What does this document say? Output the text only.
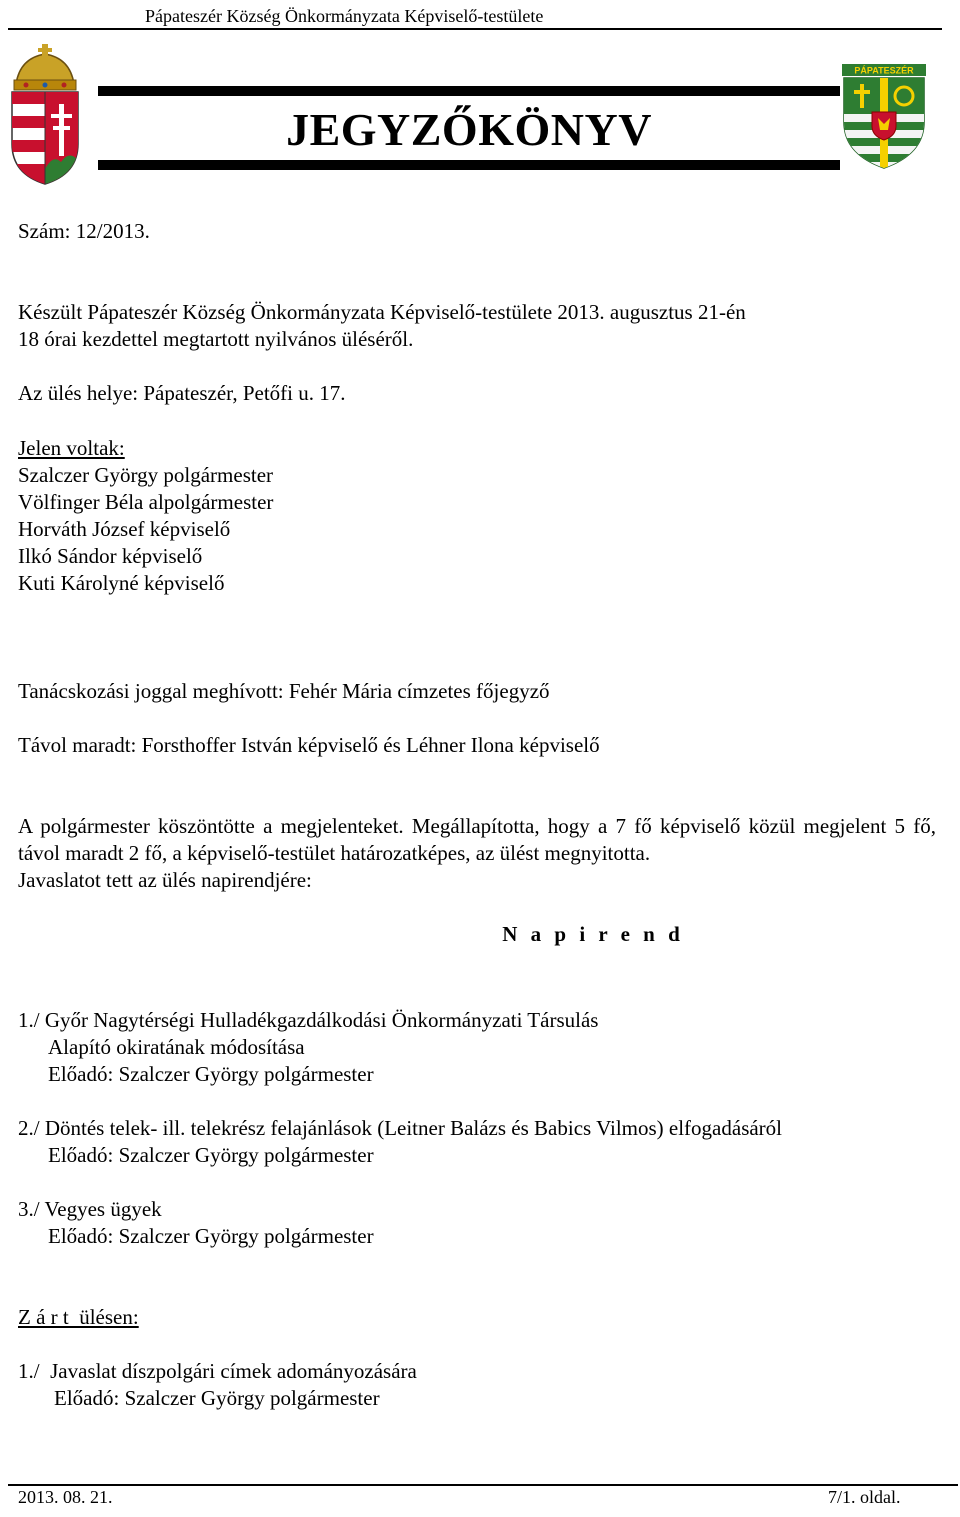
Pápateszér Község Önkormányzata Képviselő-testülete
PÁPATESZÉR
JEGYZŐKÖNYV
Szám: 12/2013.
Készült Pápateszér Község Önkormányzata Képviselő-testülete 2013. augusztus 21-én
18 órai kezdettel megtartott nyilvános üléséről.
Az ülés helye: Pápateszér, Petőfi u. 17.
Jelen voltak:
Szalczer György polgármester
Völfinger Béla alpolgármester
Horváth József képviselő
Ilkó Sándor képviselő
Kuti Károlyné képviselő
Tanácskozási joggal meghívott: Fehér Mária címzetes főjegyző
Távol maradt: Forsthoffer István képviselő és Léhner Ilona képviselő
A polgármester köszöntötte a megjelenteket. Megállapította, hogy a 7 fő képviselő közül megjelent 5 fő, távol maradt 2 fő, a képviselő-testület határozatképes, az ülést megnyitotta.
Javaslatot tett az ülés napirendjére:
N a p i r e n d
1./ Győr Nagytérségi Hulladékgazdálkodási Önkormányzati Társulás
Alapító okiratának módosítása
Előadó: Szalczer György polgármester
2./ Döntés telek- ill. telekrész felajánlások (Leitner Balázs és Babics Vilmos) elfogadásáról
Előadó: Szalczer György polgármester
3./ Vegyes ügyek
Előadó: Szalczer György polgármester
Z á r t  ülésen:
1./  Javaslat díszpolgári címek adományozására
Előadó: Szalczer György polgármester
2013. 08. 21.	7/1. oldal.
